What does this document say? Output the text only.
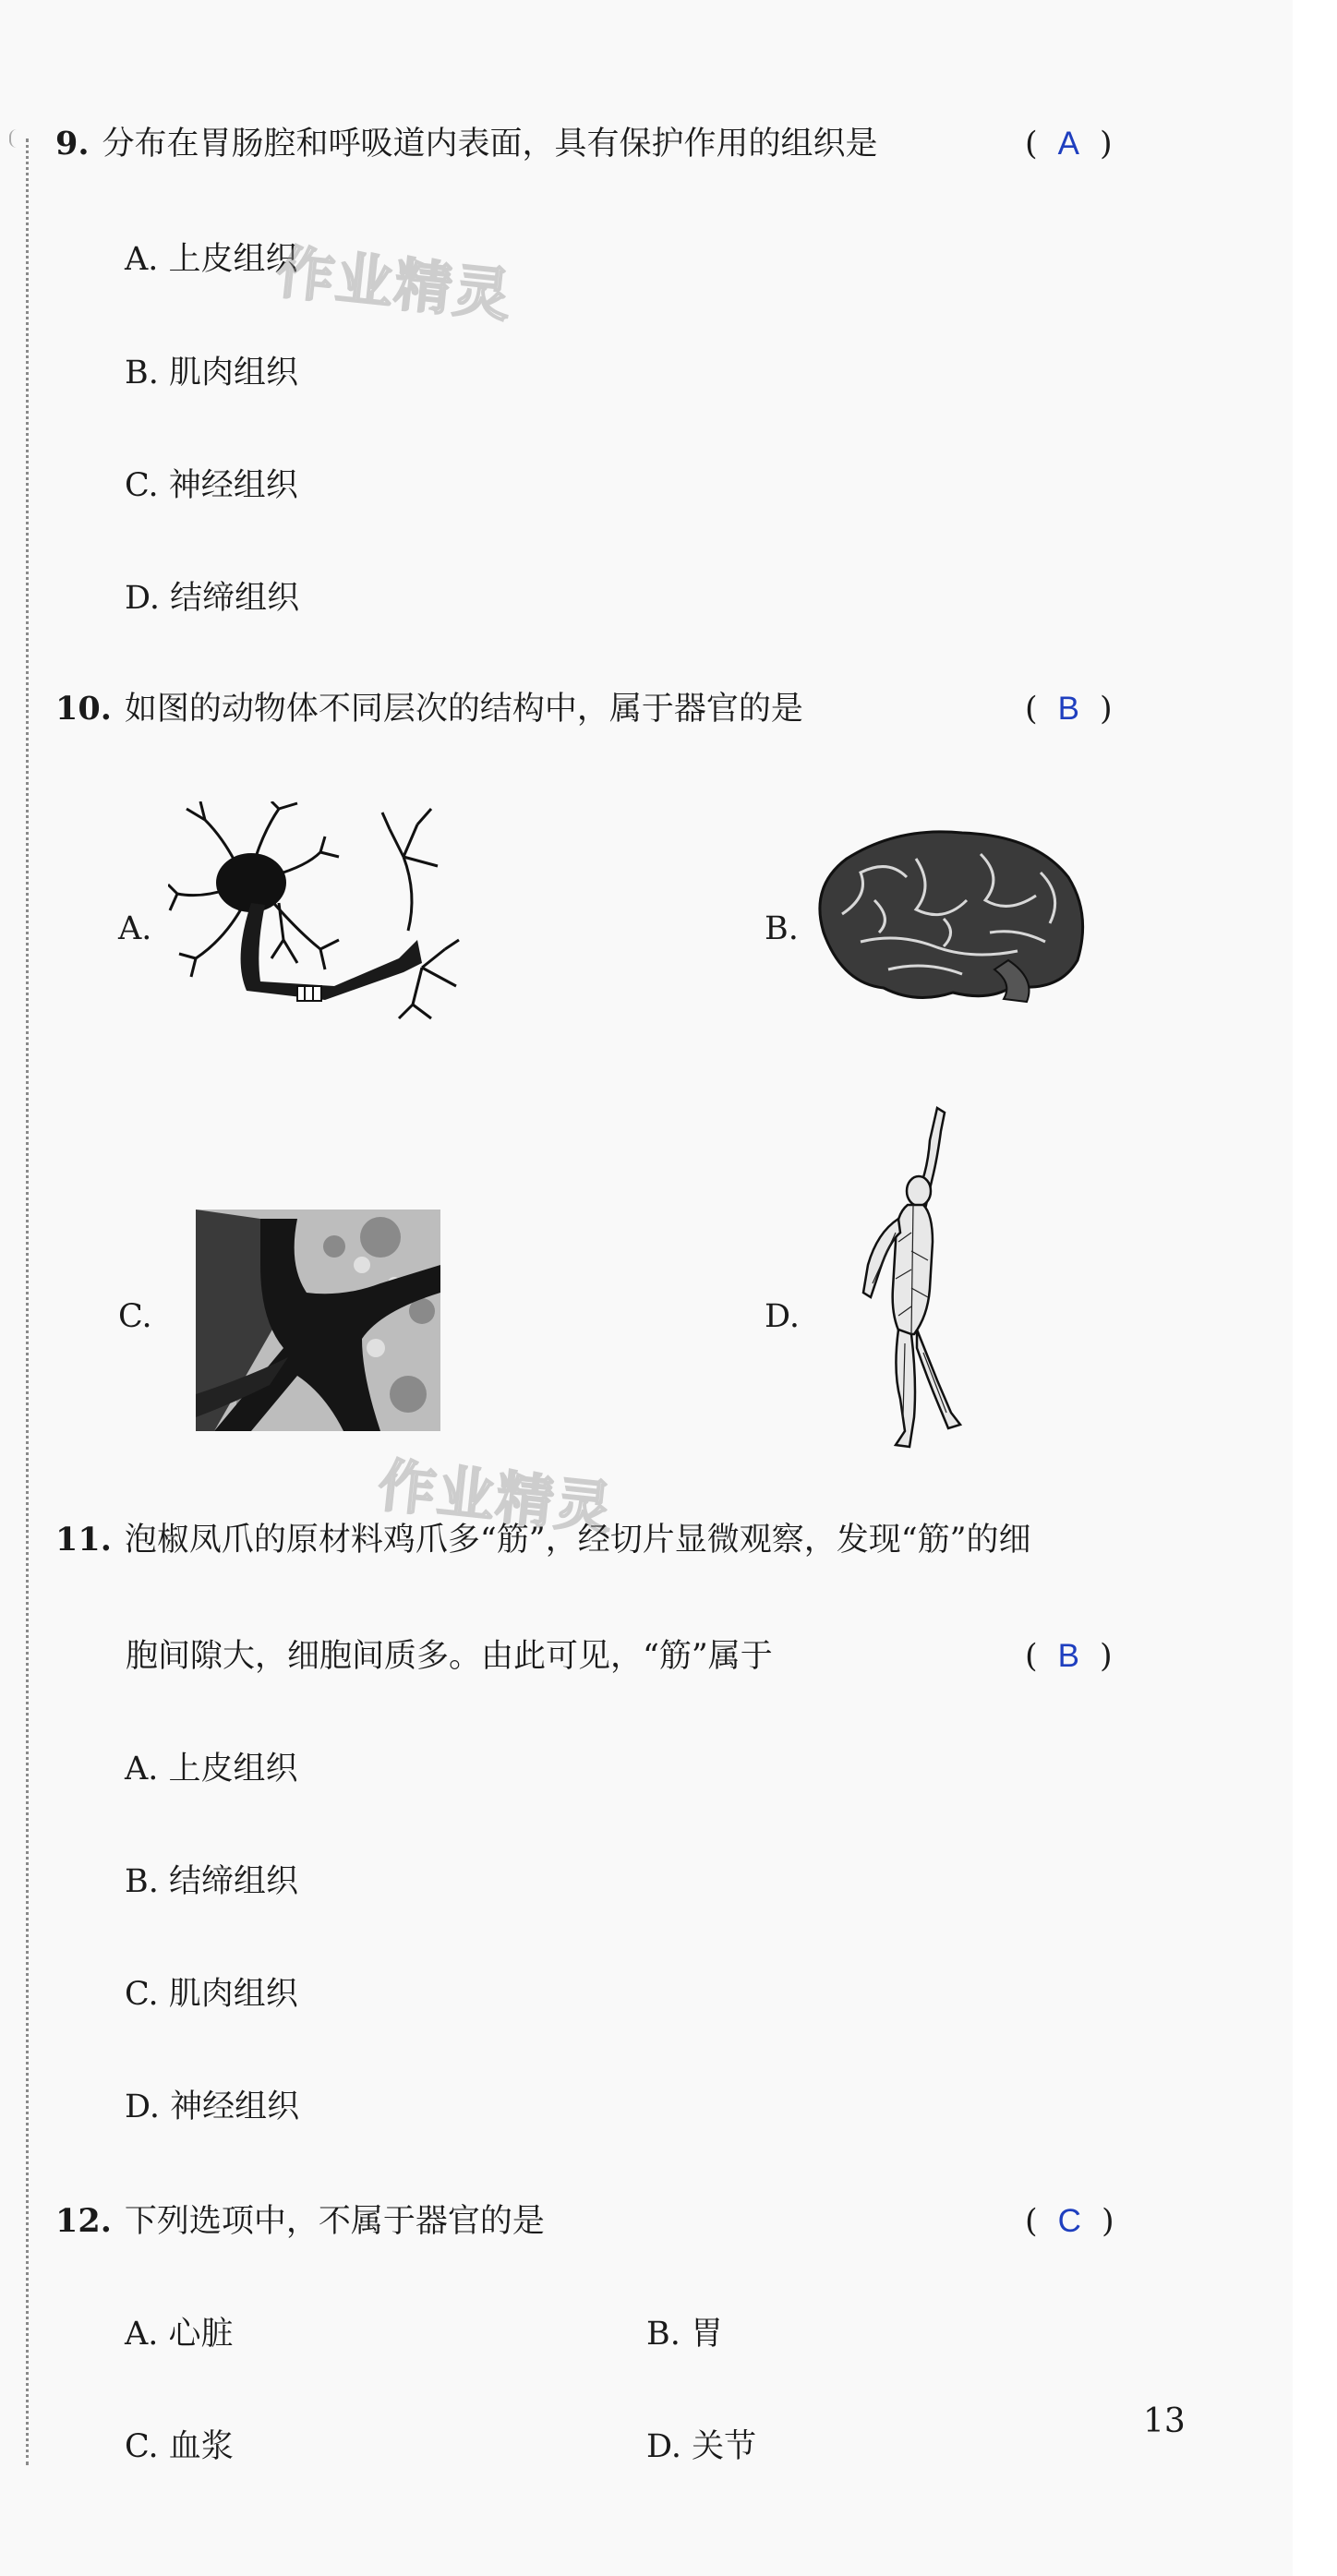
9. 分布在胃肠腔和呼吸道内表面，具有保护作用的组织是	( A )
A. 上皮组织
B. 肌肉组织
C. 神经组织
D. 结缔组织
作业精灵
10. 如图的动物体不同层次的结构中，属于器官的是	( B )
A.	B.
C.	D.
作业精灵
11. 泡椒凤爪的原材料鸡爪多“筋”，经切片显微观察，发现“筋”的细
胞间隙大，细胞间质多。由此可见，“筋”属于	( B )
A. 上皮组织
B. 结缔组织
C. 肌肉组织
D. 神经组织
12. 下列选项中，不属于器官的是	( C )
A. 心脏	B. 胃
C. 血浆	D. 关节
13
